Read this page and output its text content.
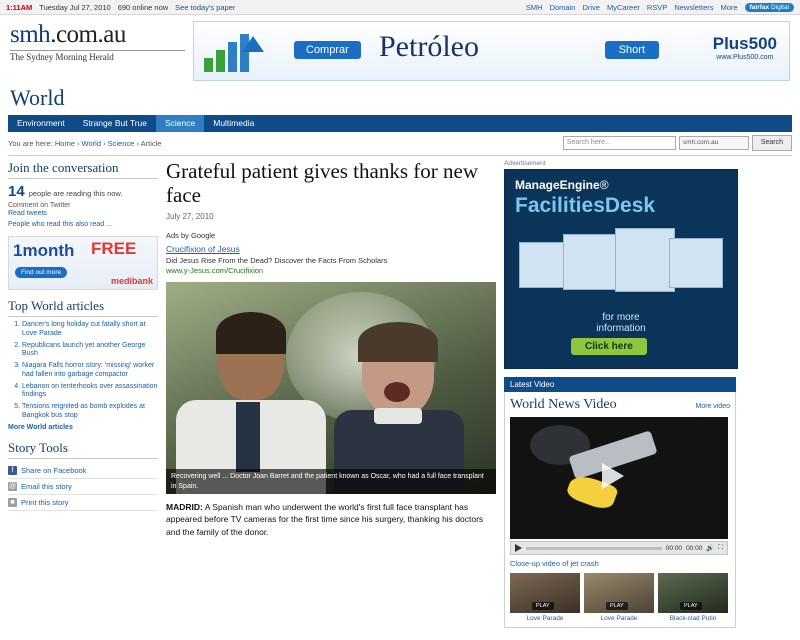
1:11AM Tuesday Jul 27, 2010 690 online now See today's paper	SMH Domain Drive MyCareer RSVP Newsletters More	fairfax Digital
smh.com.au
The Sydney Morning Herald
Comprar	Petróleo	Short	Plus500
www.Plus500.com
World
Environment	Strange But True	Science	Multimedia
You are here: Home › World › Science › Article	Search here...	smh.com.au	Search
Join the conversation
14 people are reading this now.
Comment on Twitter
Read tweets
People who read this also read ...
1month FREE
Find out more
medibank
Top World articles
1. Dancer's long holiday cut fatally short at Love Parade
2. Republicans launch yet another George Bush
3. Niagara Falls horror story: 'missing' worker had fallen into garbage compactor
4. Lebanon on tenterhooks over assassination findings
5. Tensions reignited as bomb explodes at Bangkok bus stop
More World articles
Story Tools
f	Share on Facebook
@ Email this story
■ Print this story
Grateful patient gives thanks for new face
July 27, 2010
Ads by Google
Crucifixion of Jesus
Did Jesus Rise From the Dead? Discover the Facts From Scholars
www.y-Jesus.com/Crucifixion
Recovering well ... Doctor Joan Barret and the patient known as Oscar, who had a full face transplant in Spain.
MADRID: A Spanish man who underwent the world's first full face transplant has appeared before TV cameras for the first time since his surgery, thanking his doctors and the family of the donor.
Advertisement
ManageEngine®
FacilitiesDesk
for more
information
Click here
Latest Video
World News Video	More video
00:00 00:00 🔊 ⛶
Close-up video of jet crash
PLAY
Love Parade
PLAY
Love Parade
PLAY
Black-clad Putin
